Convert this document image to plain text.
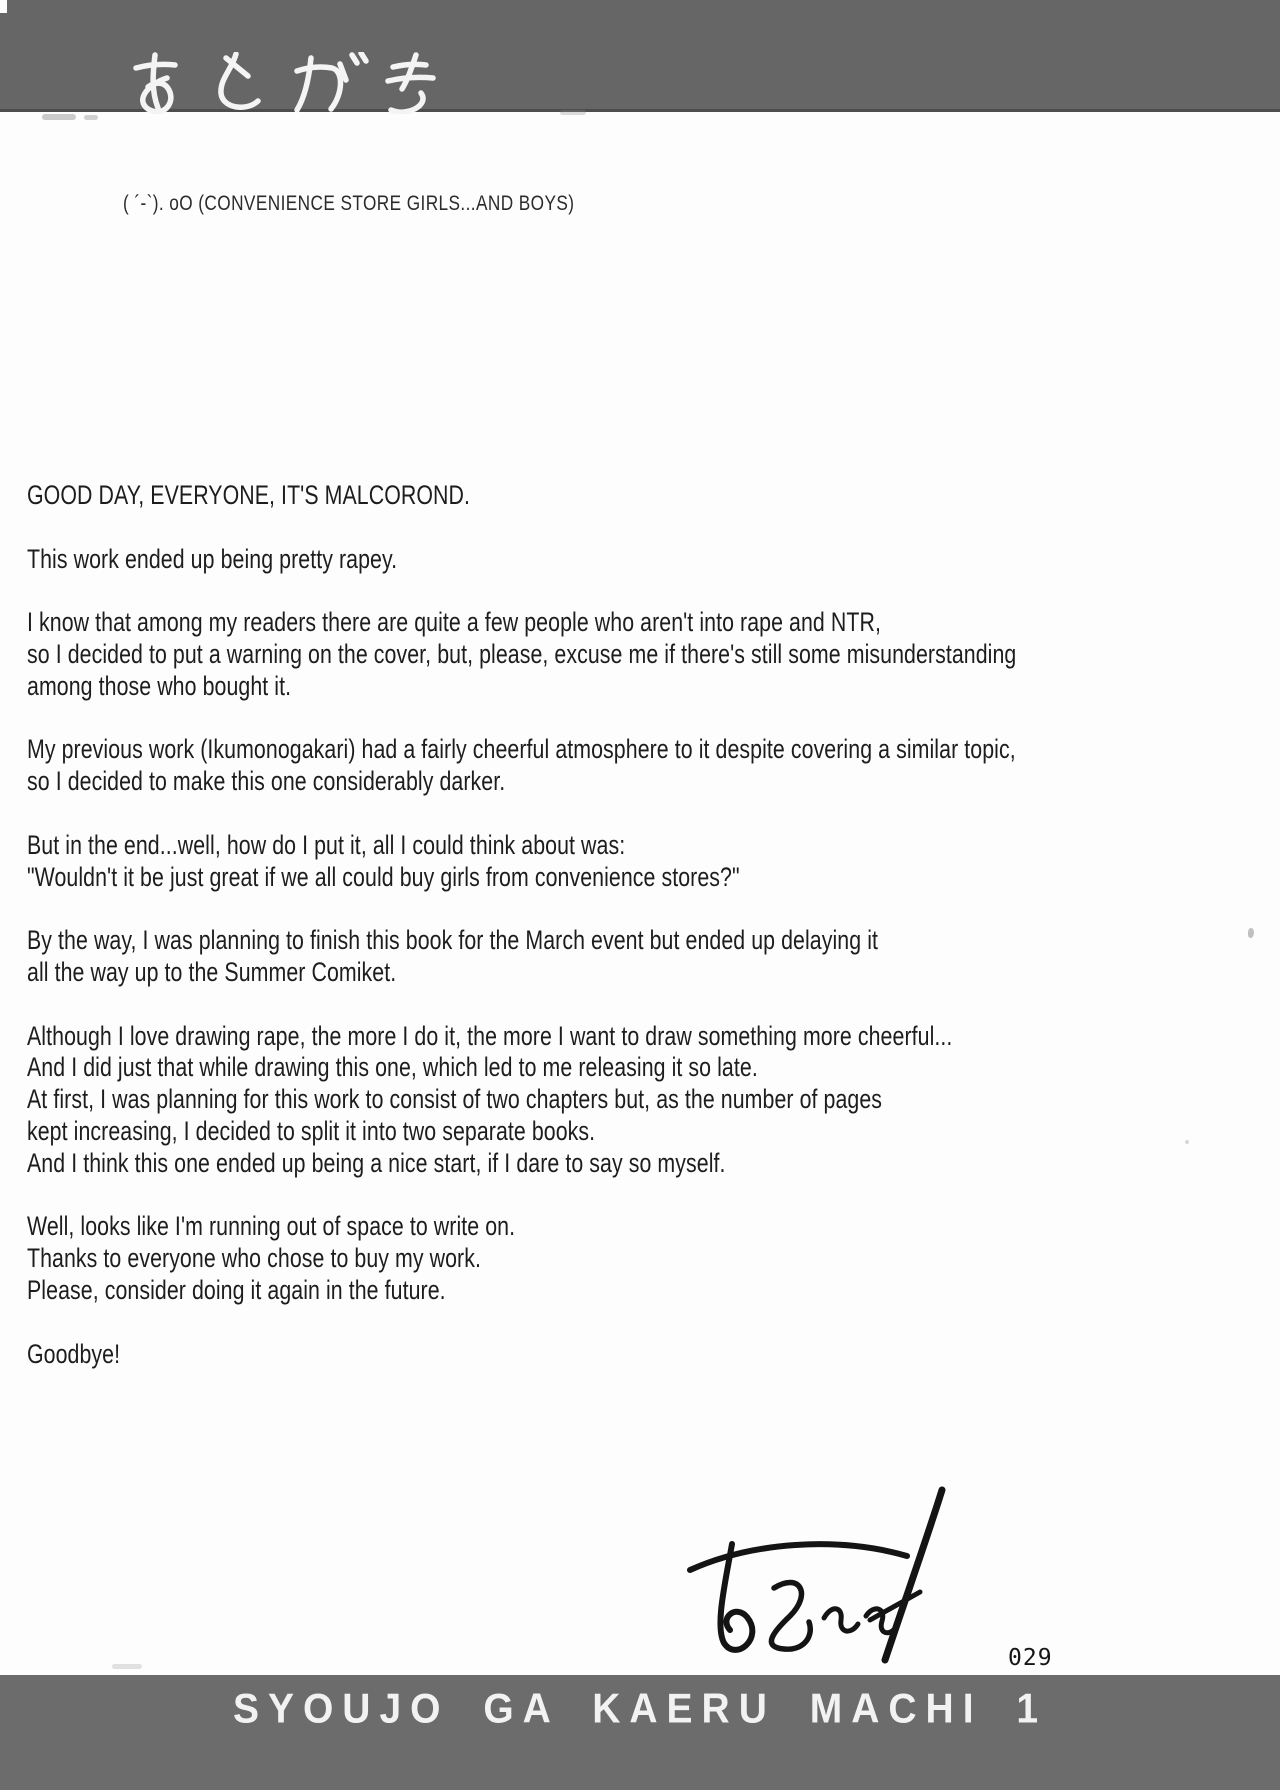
( ´-`). oO (CONVENIENCE STORE GIRLS...AND BOYS)

GOOD DAY, EVERYONE, IT'S MALCOROND.

This work ended up being pretty rapey.

I know that among my readers there are quite a few people who aren't into rape and NTR,
so I decided to put a warning on the cover, but, please, excuse me if there's still some misunderstanding
among those who bought it.

My previous work (Ikumonogakari) had a fairly cheerful atmosphere to it despite covering a similar topic,
so I decided to make this one considerably darker.

But in the end...well, how do I put it, all I could think about was:
"Wouldn't it be just great if we all could buy girls from convenience stores?"

By the way, I was planning to finish this book for the March event but ended up delaying it
all the way up to the Summer Comiket.

Although I love drawing rape, the more I do it, the more I want to draw something more cheerful...
And I did just that while drawing this one, which led to me releasing it so late.
At first, I was planning for this work to consist of two chapters but, as the number of pages
kept increasing, I decided to split it into two separate books.
And I think this one ended up being a nice start, if I dare to say so myself.

Well, looks like I'm running out of space to write on.
Thanks to everyone who chose to buy my work.
Please, consider doing it again in the future.

Goodbye!

029
SYOUJO GA KAERU MACHI 1
